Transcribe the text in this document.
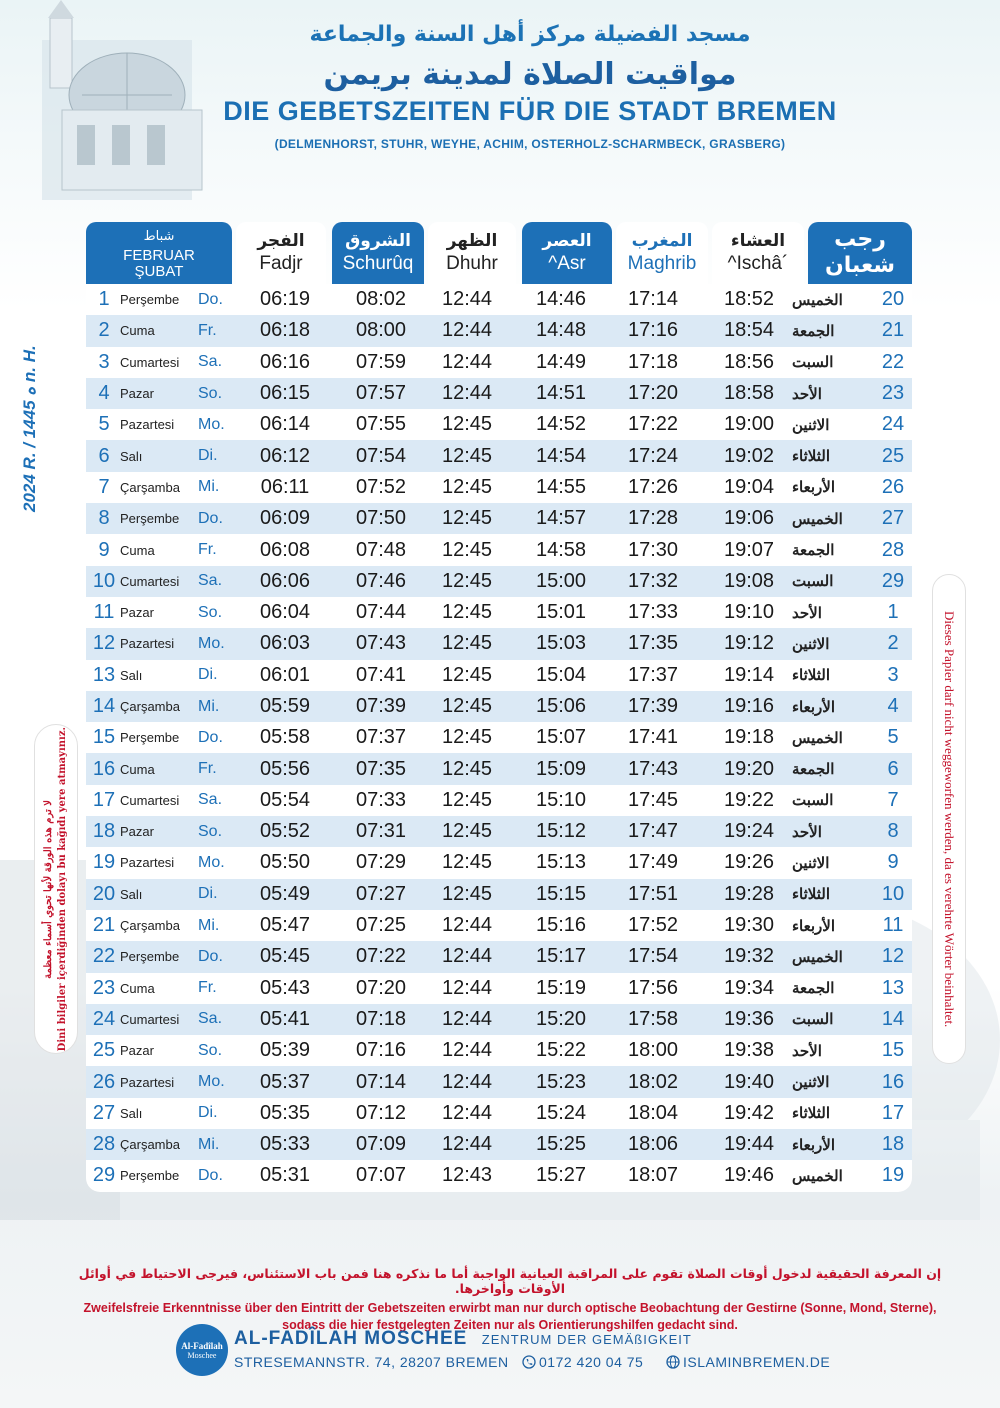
مسجد الفضيلة مركز أهل السنة والجماعة
مواقيت الصلاة لمدينة بريمن
DIE GEBETSZEITEN FÜR DIE STADT BREMEN
(DELMENHORST, STUHR, WEYHE, ACHIM, OSTERHOLZ-SCHARMBECK, GRASBERG)
2024 R. / ه 1445 n. H.
لا ترم هذه الورقة لأنها تحوي أسماء معظمة Dini bilgiler içerdiğinden dolayı bu kağıdı yere atmayınız.	Dieses Papier darf nicht weggeworfen werden, da es verehrte Wörter beinhaltet.
شباط
FEBRUAR
ŞUBAT
الفجر
Fadjr
الشروق
Schurûq
الظهر
Dhuhr
العصر
^Asr
المغرب
Maghrib
العشاء
^Ischâ´
رجب
شعبان
1 Perşembe	Do.	06:19	08:02	12:44	14:46	17:14	18:52	الخميس	20
2 Cuma	Fr.	06:18	08:00	12:44	14:48	17:16	18:54	الجمعة	21
3 Cumartesi	Sa.	06:16	07:59	12:44	14:49	17:18	18:56	السبت	22
4 Pazar	So.	06:15	07:57	12:44	14:51	17:20	18:58	الأحد	23
5 Pazartesi	Mo.	06:14	07:55	12:45	14:52	17:22	19:00	الاثنين	24
6 Salı	Di.	06:12	07:54	12:45	14:54	17:24	19:02	الثلاثاء	25
7 Çarşamba	Mi.	06:11	07:52	12:45	14:55	17:26	19:04	الأربعاء	26
8 Perşembe	Do.	06:09	07:50	12:45	14:57	17:28	19:06	الخميس	27
9 Cuma	Fr.	06:08	07:48	12:45	14:58	17:30	19:07	الجمعة	28
10 Cumartesi	Sa.	06:06	07:46	12:45	15:00	17:32	19:08	السبت	29
11 Pazar	So.	06:04	07:44	12:45	15:01	17:33	19:10	الأحد	1
12 Pazartesi	Mo.	06:03	07:43	12:45	15:03	17:35	19:12	الاثنين	2
13 Salı	Di.	06:01	07:41	12:45	15:04	17:37	19:14	الثلاثاء	3
14 Çarşamba	Mi.	05:59	07:39	12:45	15:06	17:39	19:16	الأربعاء	4
15 Perşembe	Do.	05:58	07:37	12:45	15:07	17:41	19:18	الخميس	5
16 Cuma	Fr.	05:56	07:35	12:45	15:09	17:43	19:20	الجمعة	6
17 Cumartesi	Sa.	05:54	07:33	12:45	15:10	17:45	19:22	السبت	7
18 Pazar	So.	05:52	07:31	12:45	15:12	17:47	19:24	الأحد	8
19 Pazartesi	Mo.	05:50	07:29	12:45	15:13	17:49	19:26	الاثنين	9
20 Salı	Di.	05:49	07:27	12:45	15:15	17:51	19:28	الثلاثاء	10
21 Çarşamba	Mi.	05:47	07:25	12:44	15:16	17:52	19:30	الأربعاء	11
22 Perşembe	Do.	05:45	07:22	12:44	15:17	17:54	19:32	الخميس	12
23 Cuma	Fr.	05:43	07:20	12:44	15:19	17:56	19:34	الجمعة	13
24 Cumartesi	Sa.	05:41	07:18	12:44	15:20	17:58	19:36	السبت	14
25 Pazar	So.	05:39	07:16	12:44	15:22	18:00	19:38	الأحد	15
26 Pazartesi	Mo.	05:37	07:14	12:44	15:23	18:02	19:40	الاثنين	16
27 Salı	Di.	05:35	07:12	12:44	15:24	18:04	19:42	الثلاثاء	17
28 Çarşamba	Mi.	05:33	07:09	12:44	15:25	18:06	19:44	الأربعاء	18
29 Perşembe	Do.	05:31	07:07	12:43	15:27	18:07	19:46	الخميس	19
إن المعرفة الحقيقية لدخول أوقات الصلاة تقوم على المراقبة العيانية الواجبة أما ما نذكره هنا فمن باب الاستئناس، فيرجى الاحتياط في أوائل الأوقات وأواخرها.
Zweifelsfreie Erkenntnisse über den Eintritt der Gebetszeiten erwirbt man nur durch optische Beobachtung der Gestirne (Sonne, Mond, Sterne),
sodass die hier festgelegten Zeiten nur als Orientierungshilfen gedacht sind.
Al-Fadîlah
Moschee
AL-FADÎLAH MOSCHEE ZENTRUM DER GEMÄßIGKEIT
STRESEMANNSTR. 74, 28207 BREMEN	0172 420 04 75	ISLAMINBREMEN.DE
